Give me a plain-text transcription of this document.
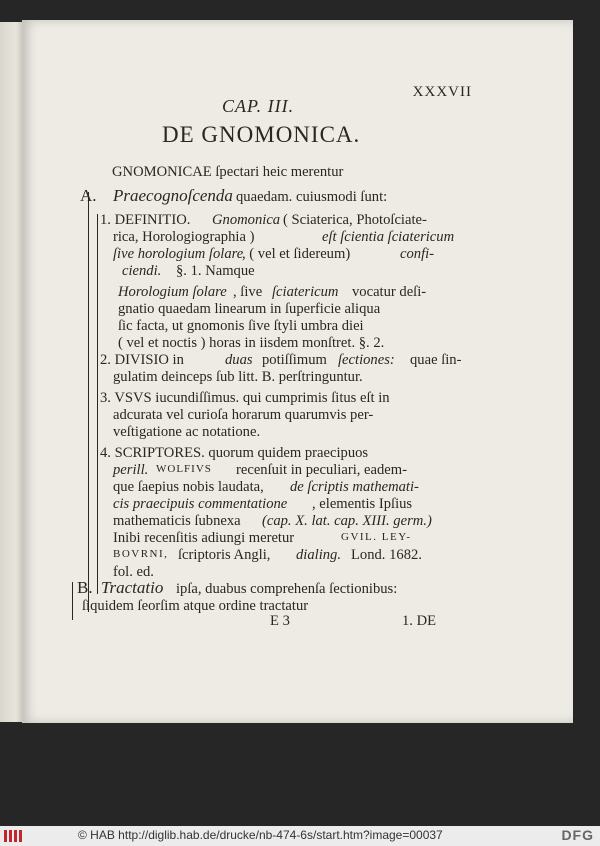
XXXVII
CAP. III.
DE GNOMONICA.
GNOMONICAE ſpectari heic merentur
A. Praecognoſcenda quaedam. cuiusmodi ſunt:
1. DEFINITIO. Gnomonica ( Sciaterica, Photoſciate-
rica, Horologiographia )	eſt ſcientia ſciatericum
ſive horologium ſolare
, ( vel et ſidereum)	confi-
ciendi. §. 1. Namque
Horologium ſolare , ſive ſciatericum vocatur deſi-
gnatio quaedam linearum in ſuperficie aliqua
ſic facta, ut gnomonis ſive ſtyli umbra diei
( vel et noctis ) horas in iisdem monſtret. §. 2.
2. DIVISIO in	duas potiſſimum ſectiones: quae ſin-
gulatim deinceps ſub litt. B. perſtringuntur.
3. VSVS iucundiſſimus. qui cumprimis ſitus eſt in
adcurata vel curioſa horarum quarumvis per-
veſtigatione ac notatione.
4. SCRIPTORES. quorum quidem praecipuos
perill. WOLFIVS recenſuit in peculiari, eadem-
que ſaepius nobis laudata, de ſcriptis mathemati-
cis praecipuis commentatione , elementis Ipſius
mathematicis ſubnexa (cap. X. lat. cap. XIII. germ.)
Inibi recenſitis adiungi meretur	GVIL. LEY-
BOVRNI, ſcriptoris Angli, dialing. Lond. 1682.
fol. ed.
B. Tractatio ipſa, duabus comprehenſa ſectionibus:
ſiquidem ſeorſim atque ordine tractatur
E 3	1. DE
© HAB http://diglib.hab.de/drucke/nb-474-6s/start.htm?image=00037	DFG
